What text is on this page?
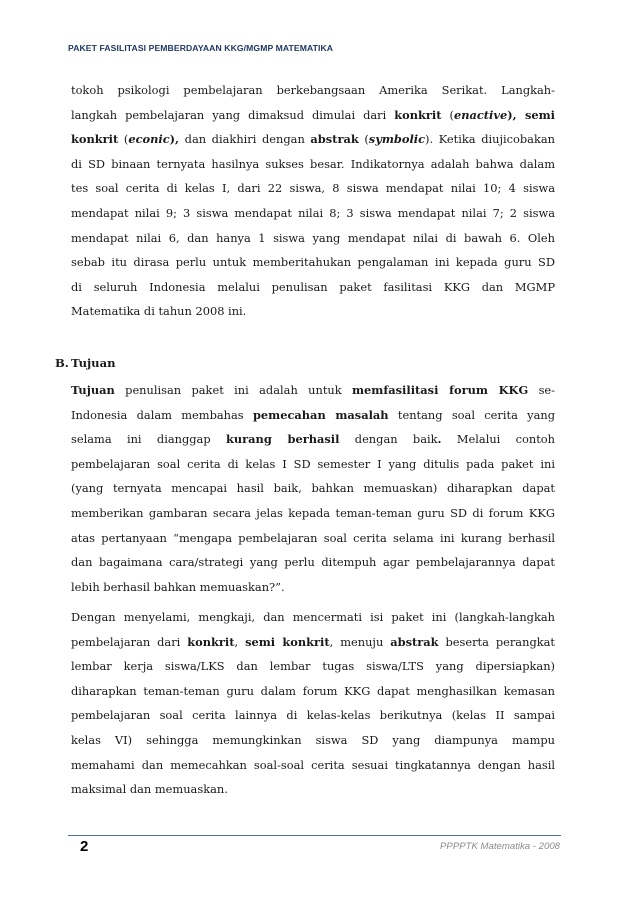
PAKET FASILITASI PEMBERDAYAAN KKG/MGMP MATEMATIKA
tokoh psikologi pembelajaran berkebangsaan Amerika Serikat. Langkah-
langkah pembelajaran yang dimaksud dimulai dari konkrit (enactive), semi
konkrit (econic), dan diakhiri dengan abstrak (symbolic). Ketika diujicobakan
di SD binaan ternyata hasilnya sukses besar. Indikatornya adalah bahwa dalam
tes soal cerita di kelas I, dari 22 siswa, 8 siswa mendapat nilai 10; 4 siswa
mendapat nilai 9; 3 siswa mendapat nilai 8; 3 siswa mendapat nilai 7; 2 siswa
mendapat nilai 6, dan hanya 1 siswa yang mendapat nilai di bawah 6. Oleh
sebab itu dirasa perlu untuk memberitahukan pengalaman ini kepada guru SD
di seluruh Indonesia melalui penulisan paket fasilitasi KKG dan MGMP
Matematika di tahun 2008 ini.
B. Tujuan
Tujuan penulisan paket ini adalah untuk memfasilitasi forum KKG se-
Indonesia dalam membahas pemecahan masalah tentang soal cerita yang
selama ini dianggap kurang berhasil dengan baik. Melalui contoh
pembelajaran soal cerita di kelas I SD semester I yang ditulis pada paket ini
(yang ternyata mencapai hasil baik, bahkan memuaskan) diharapkan dapat
memberikan gambaran secara jelas kepada teman-teman guru SD di forum KKG
atas pertanyaan “mengapa pembelajaran soal cerita selama ini kurang berhasil
dan bagaimana cara/strategi yang perlu ditempuh agar pembelajarannya dapat
lebih berhasil bahkan memuaskan?”.
Dengan menyelami, mengkaji, dan mencermati isi paket ini (langkah-langkah
pembelajaran dari konkrit, semi konkrit, menuju abstrak beserta perangkat
lembar kerja siswa/LKS dan lembar tugas siswa/LTS yang dipersiapkan)
diharapkan teman-teman guru dalam forum KKG dapat menghasilkan kemasan
pembelajaran soal cerita lainnya di kelas-kelas berikutnya (kelas II sampai
kelas VI) sehingga memungkinkan siswa SD yang diampunya mampu
memahami dan memecahkan soal-soal cerita sesuai tingkatannya dengan hasil
maksimal dan memuaskan.
2	PPPPTK Matematika - 2008
